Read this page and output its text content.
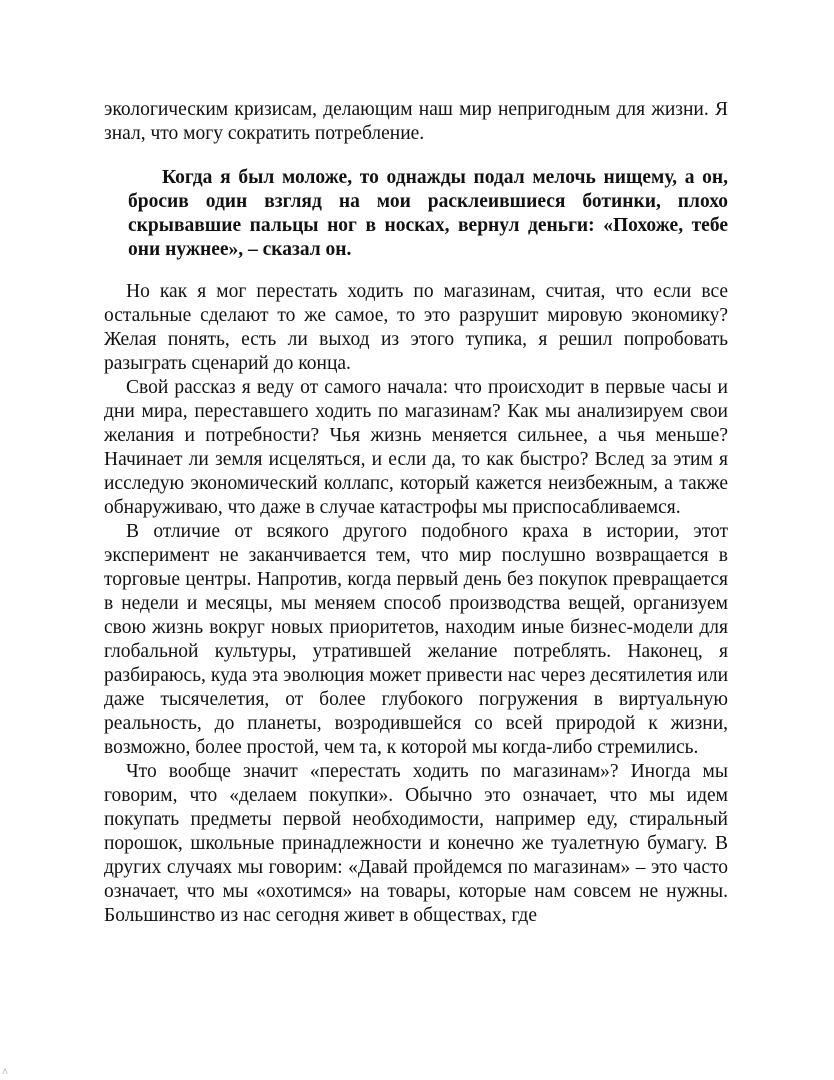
экологическим кризисам, делающим наш мир непригодным для жизни. Я знал, что могу сократить потребление.

Когда я был моложе, то однажды подал мелочь нищему, а он, бросив один взгляд на мои расклеившиеся ботинки, плохо скрывавшие пальцы ног в носках, вернул деньги: «Похоже, тебе они нужнее», – сказал он.

Но как я мог перестать ходить по магазинам, считая, что если все остальные сделают то же самое, то это разрушит мировую экономику? Желая понять, есть ли выход из этого тупика, я решил попробовать разыграть сценарий до конца.

Свой рассказ я веду от самого начала: что происходит в первые часы и дни мира, переставшего ходить по магазинам? Как мы анализируем свои желания и потребности? Чья жизнь меняется сильнее, а чья меньше? Начинает ли земля исцеляться, и если да, то как быстро? Вслед за этим я исследую экономический коллапс, который кажется неизбежным, а также обнаруживаю, что даже в случае катастрофы мы приспосабливаемся.

В отличие от всякого другого подобного краха в истории, этот эксперимент не заканчивается тем, что мир послушно возвращается в торговые центры. Напротив, когда первый день без покупок превращается в недели и месяцы, мы меняем способ производства вещей, организуем свою жизнь вокруг новых приоритетов, находим иные бизнес-модели для глобальной культуры, утратившей желание потреблять. Наконец, я разбираюсь, куда эта эволюция может привести нас через десятилетия или даже тысячелетия, от более глубокого погружения в виртуальную реальность, до планеты, возродившейся со всей природой к жизни, возможно, более простой, чем та, к которой мы когда-либо стремились.

Что вообще значит «перестать ходить по магазинам»? Иногда мы говорим, что «делаем покупки». Обычно это означает, что мы идем покупать предметы первой необходимости, например еду, стиральный порошок, школьные принадлежности и конечно же туалетную бумагу. В других случаях мы говорим: «Давай пройдемся по магазинам» – это часто означает, что мы «охотимся» на товары, которые нам совсем не нужны. Большинство из нас сегодня живет в обществах, где

ʌ
